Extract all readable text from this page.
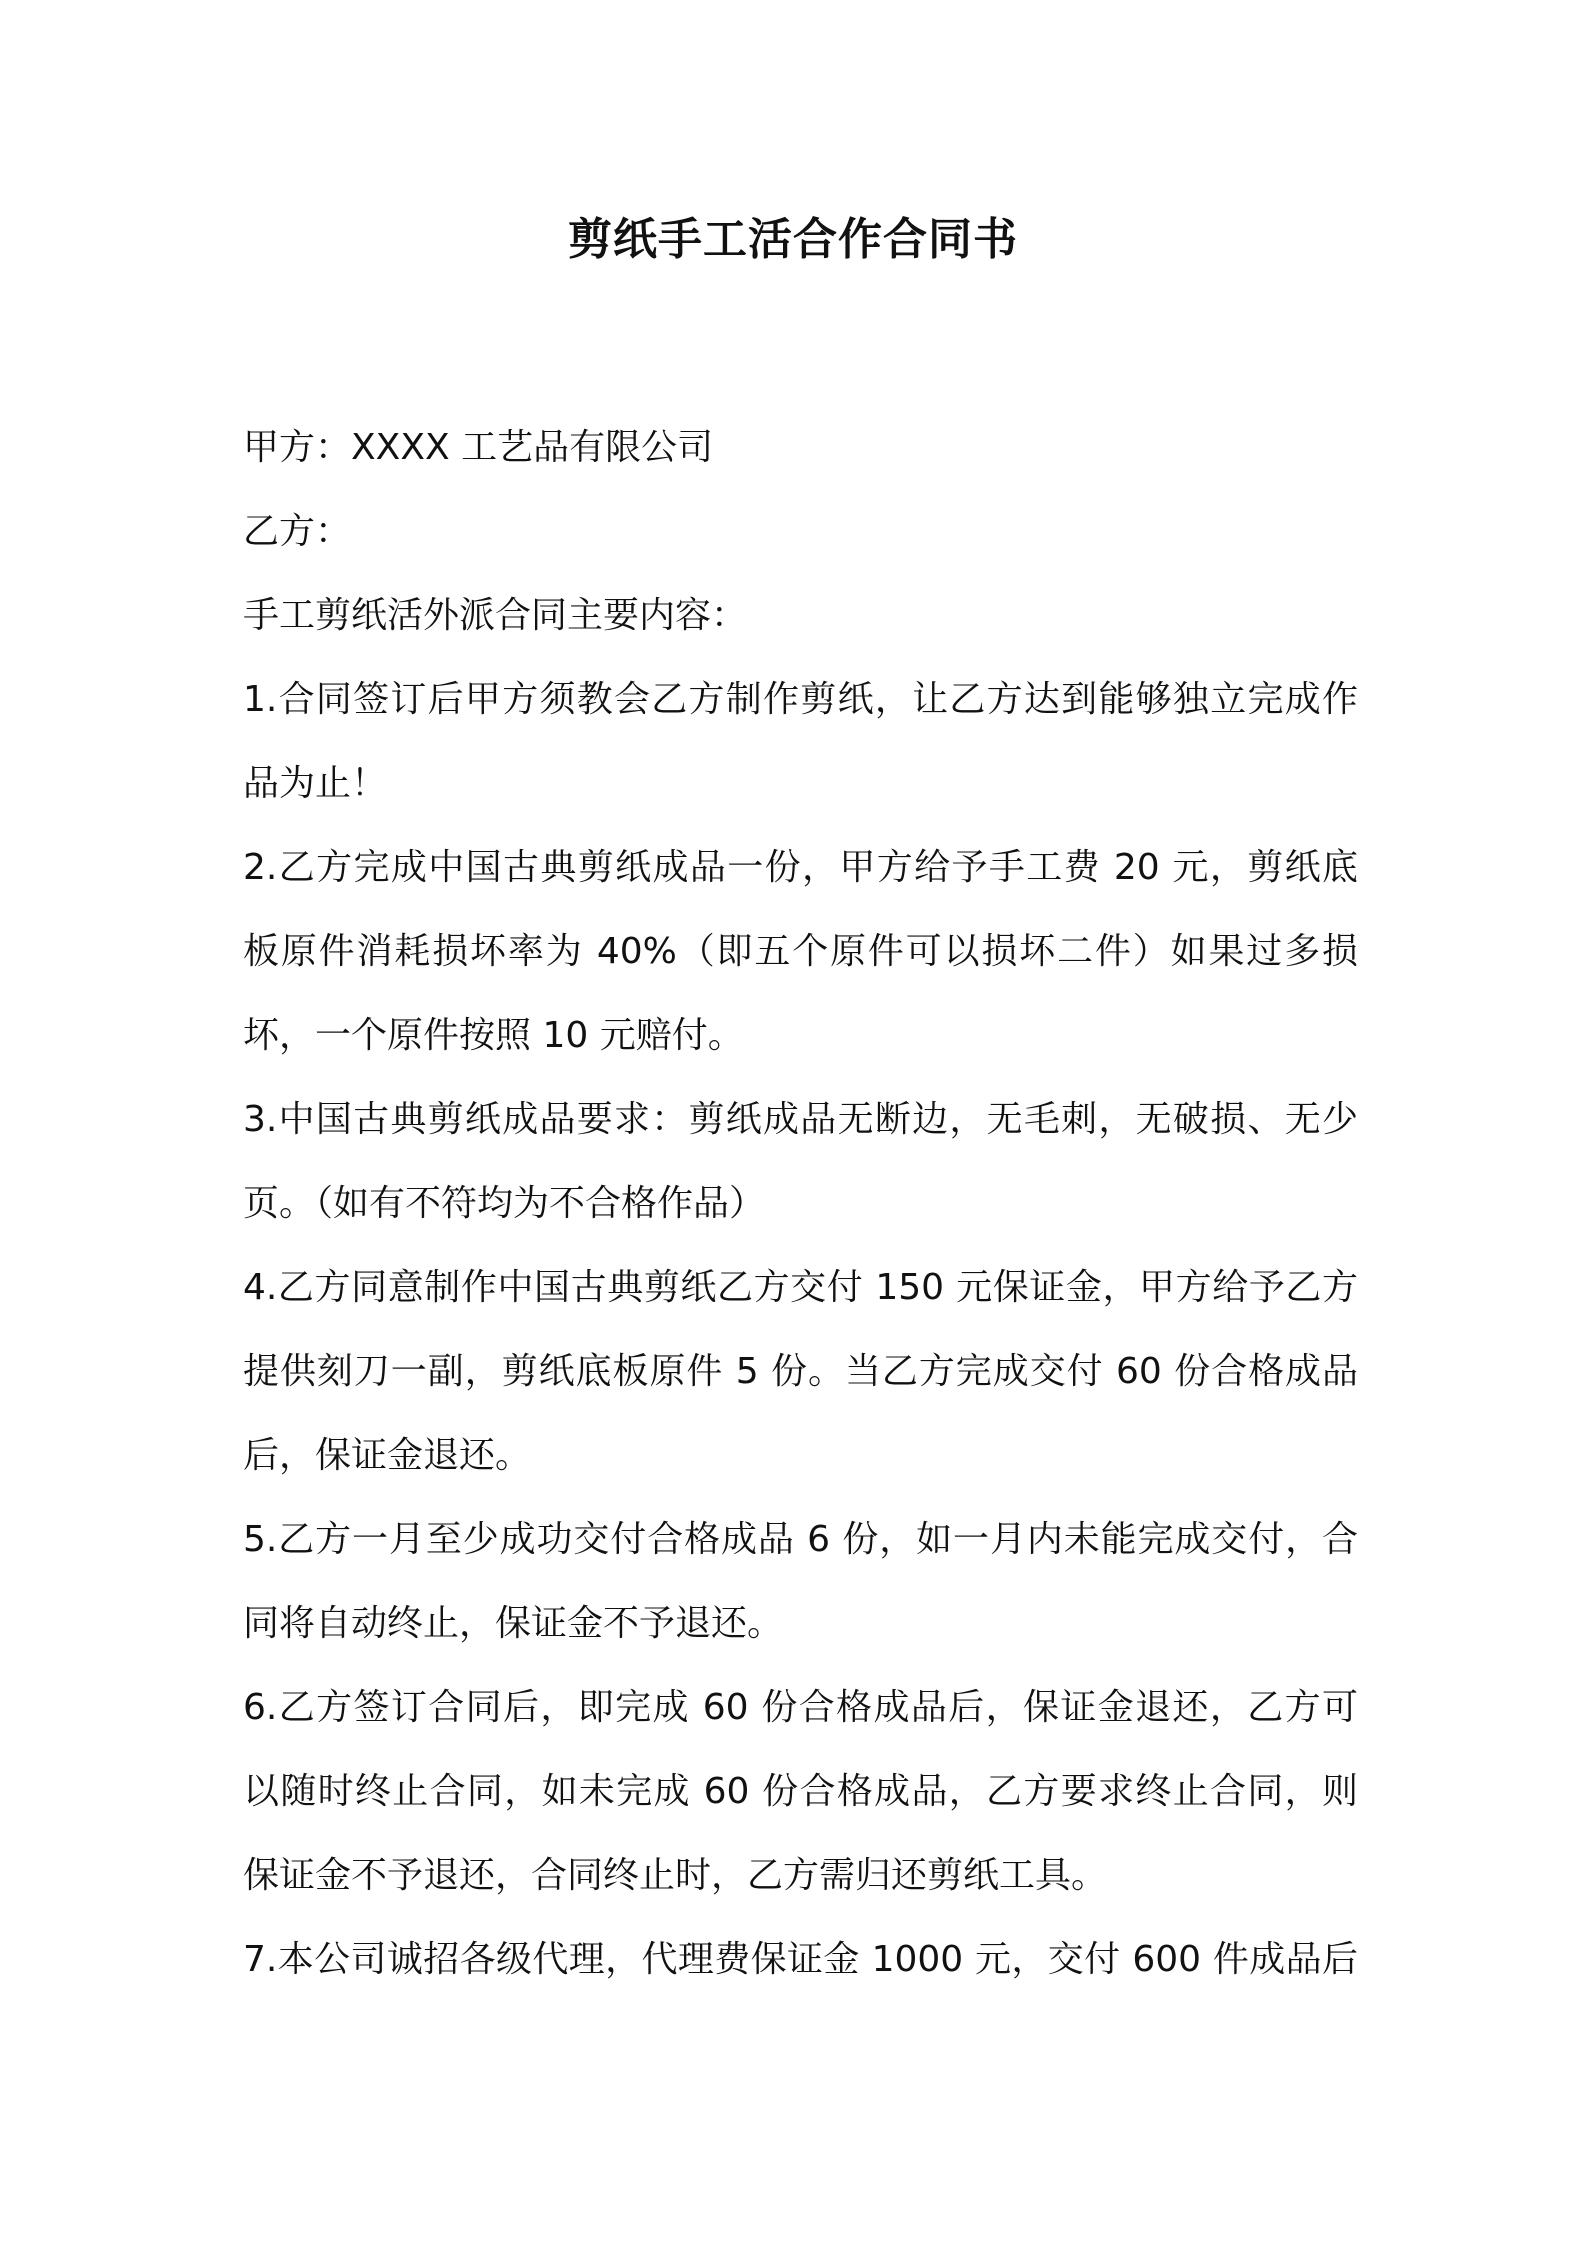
剪纸手工活合作合同书
甲方：XXXX 工艺品有限公司
乙方：
手工剪纸活外派合同主要内容：
1.合同签订后甲方须教会乙方制作剪纸，让乙方达到能够独立完成作
品为止！
2.乙方完成中国古典剪纸成品一份，甲方给予手工费 20 元，剪纸底
板原件消耗损坏率为 40%（即五个原件可以损坏二件）如果过多损
坏，一个原件按照 10 元赔付。
3.中国古典剪纸成品要求：剪纸成品无断边，无毛刺，无破损、无少
页。（如有不符均为不合格作品）
4.乙方同意制作中国古典剪纸乙方交付 150 元保证金，甲方给予乙方
提供刻刀一副，剪纸底板原件 5 份。当乙方完成交付 60 份合格成品
后，保证金退还。
5.乙方一月至少成功交付合格成品 6 份，如一月内未能完成交付，合
同将自动终止，保证金不予退还。
6.乙方签订合同后，即完成 60 份合格成品后，保证金退还，乙方可
以随时终止合同，如未完成 60 份合格成品，乙方要求终止合同，则
保证金不予退还，合同终止时，乙方需归还剪纸工具。
7.本公司诚招各级代理，代理费保证金 1000 元，交付 600 件成品后
